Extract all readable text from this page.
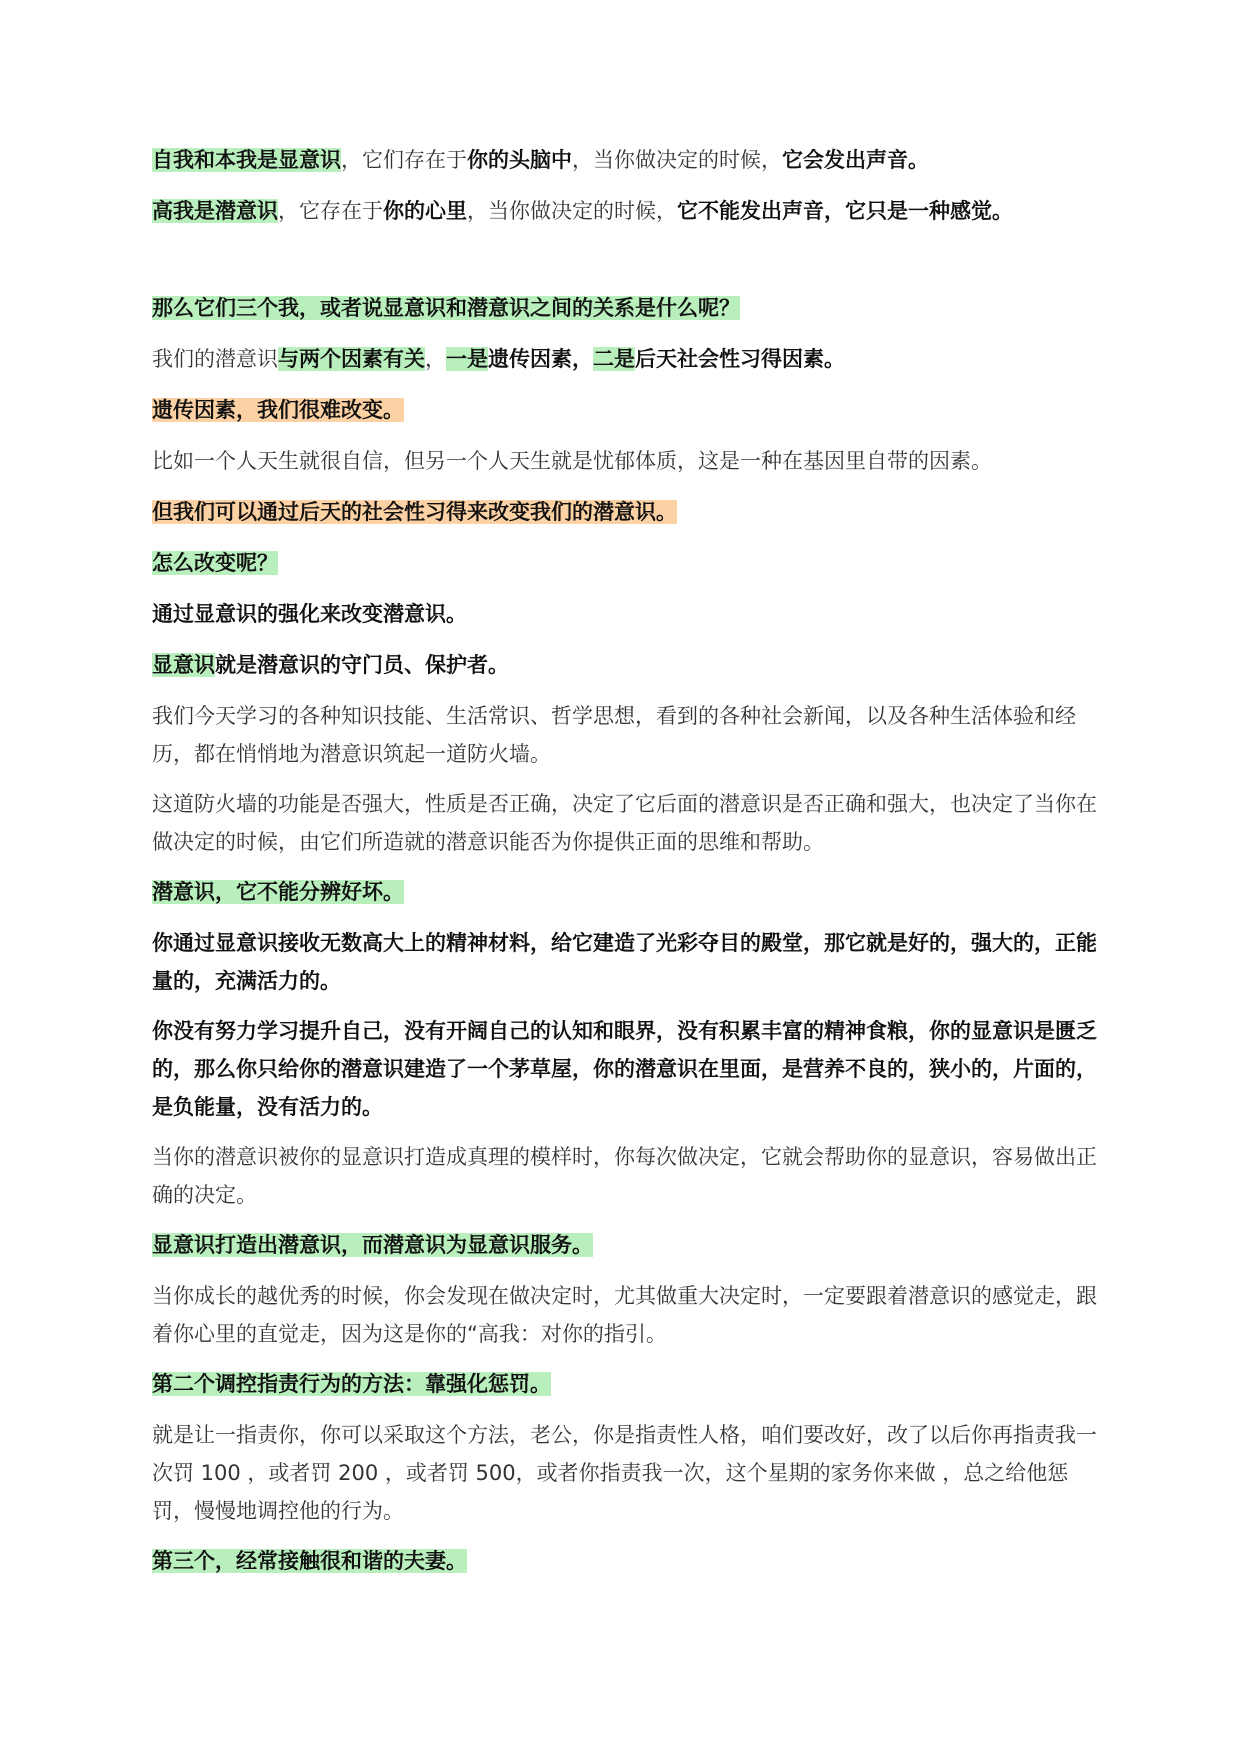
自我和本我是显意识，它们存在于你的头脑中，当你做决定的时候，它会发出声音。

高我是潜意识，它存在于你的心里，当你做决定的时候，它不能发出声音，它只是一种感觉。

那么它们三个我，或者说显意识和潜意识之间的关系是什么呢？

我们的潜意识与两个因素有关，一是遗传因素，二是后天社会性习得因素。

遗传因素，我们很难改变。

比如一个人天生就很自信，但另一个人天生就是忧郁体质，这是一种在基因里自带的因素。

但我们可以通过后天的社会性习得来改变我们的潜意识。

怎么改变呢？

通过显意识的强化来改变潜意识。

显意识就是潜意识的守门员、保护者。

我们今天学习的各种知识技能、生活常识、哲学思想，看到的各种社会新闻，以及各种生活体验和经历，都在悄悄地为潜意识筑起一道防火墙。

这道防火墙的功能是否强大，性质是否正确，决定了它后面的潜意识是否正确和强大，也决定了当你在做决定的时候，由它们所造就的潜意识能否为你提供正面的思维和帮助。

潜意识，它不能分辨好坏。

你通过显意识接收无数高大上的精神材料，给它建造了光彩夺目的殿堂，那它就是好的，强大的，正能量的，充满活力的。

你没有努力学习提升自己，没有开阔自己的认知和眼界，没有积累丰富的精神食粮，你的显意识是匮乏的，那么你只给你的潜意识建造了一个茅草屋，你的潜意识在里面，是营养不良的，狭小的，片面的，是负能量，没有活力的。

当你的潜意识被你的显意识打造成真理的模样时，你每次做决定，它就会帮助你的显意识，容易做出正确的决定。

显意识打造出潜意识，而潜意识为显意识服务。

当你成长的越优秀的时候，你会发现在做决定时，尤其做重大决定时，一定要跟着潜意识的感觉走，跟着你心里的直觉走，因为这是你的“高我：对你的指引。

第二个调控指责行为的方法：靠强化惩罚。

就是让一指责你，你可以采取这个方法，老公，你是指责性人格，咱们要改好，改了以后你再指责我一次罚 100 ，或者罚 200 ，或者罚 500，或者你指责我一次，这个星期的家务你来做 ，总之给他惩罚，慢慢地调控他的行为。

第三个，经常接触很和谐的夫妻。
